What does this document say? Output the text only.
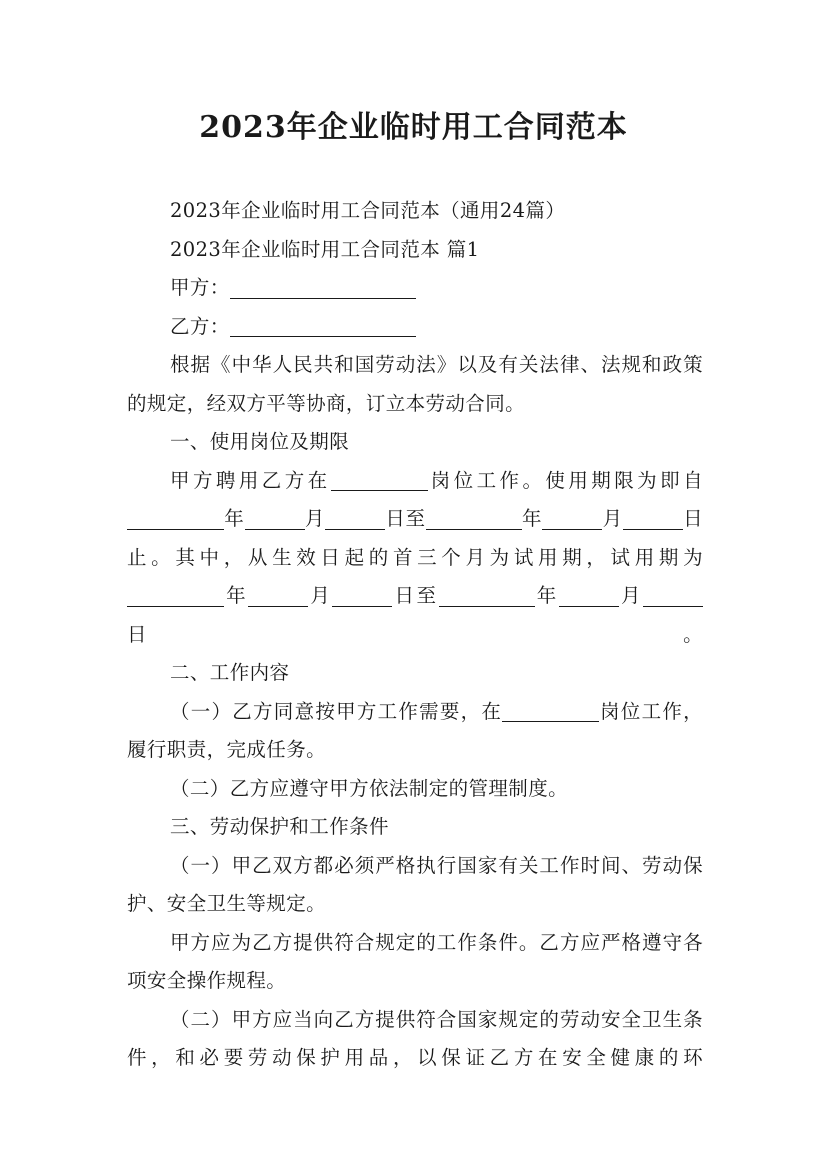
2023年企业临时用工合同范本

2023年企业临时用工合同范本（通用24篇）

2023年企业临时用工合同范本 篇1

甲方：

乙方：

根据《中华人民共和国劳动法》以及有关法律、法规和政策的规定，经双方平等协商，订立本劳动合同。

一、使用岗位及期限

甲方聘用乙方在	岗位工作。使用期限为即自

年	月	日至	年	月	日

止。其中，从生效日起的首三个月为试用期，试用期为

年	月	日至	年	月日。

二、工作内容

（一）乙方同意按甲方工作需要，在	岗位工作，履行职责，完成任务。

（二）乙方应遵守甲方依法制定的管理制度。

三、劳动保护和工作条件

（一）甲乙双方都必须严格执行国家有关工作时间、劳动保护、安全卫生等规定。

甲方应为乙方提供符合规定的工作条件。乙方应严格遵守各项安全操作规程。

（二）甲方应当向乙方提供符合国家规定的劳动安全卫生条件，和必要劳动保护用品，以保证乙方在安全健康的环
